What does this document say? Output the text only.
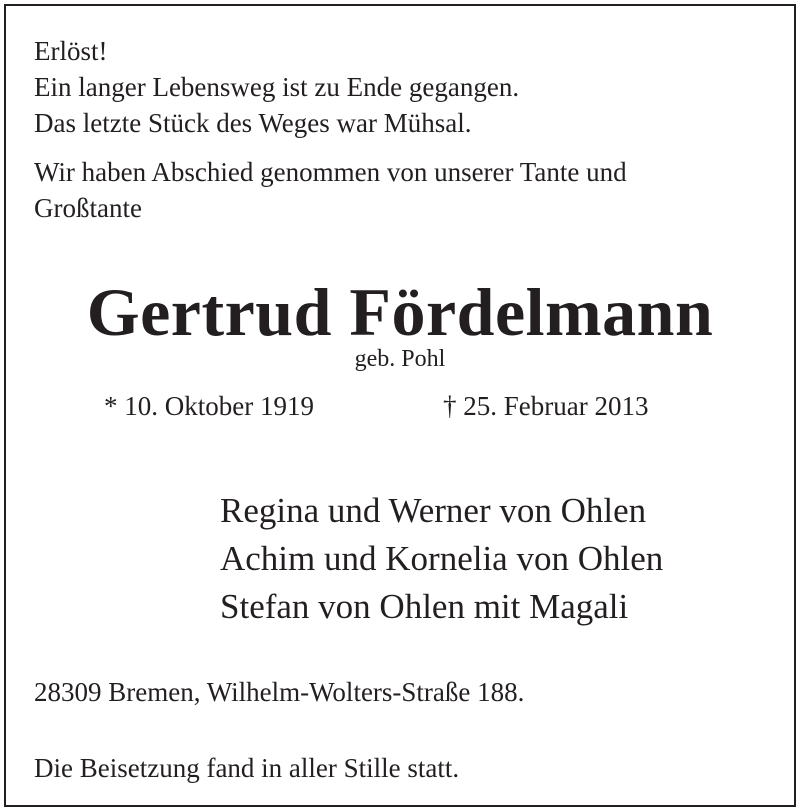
Erlöst!
Ein langer Lebensweg ist zu Ende gegangen.
Das letzte Stück des Weges war Mühsal.
Wir haben Abschied genommen von unserer Tante und
Großtante
Gertrud Fördelmann
geb. Pohl
* 10. Oktober 1919	† 25. Februar 2013
Regina und Werner von Ohlen
Achim und Kornelia von Ohlen
Stefan von Ohlen mit Magali
28309 Bremen, Wilhelm-Wolters-Straße 188.
Die Beisetzung fand in aller Stille statt.
